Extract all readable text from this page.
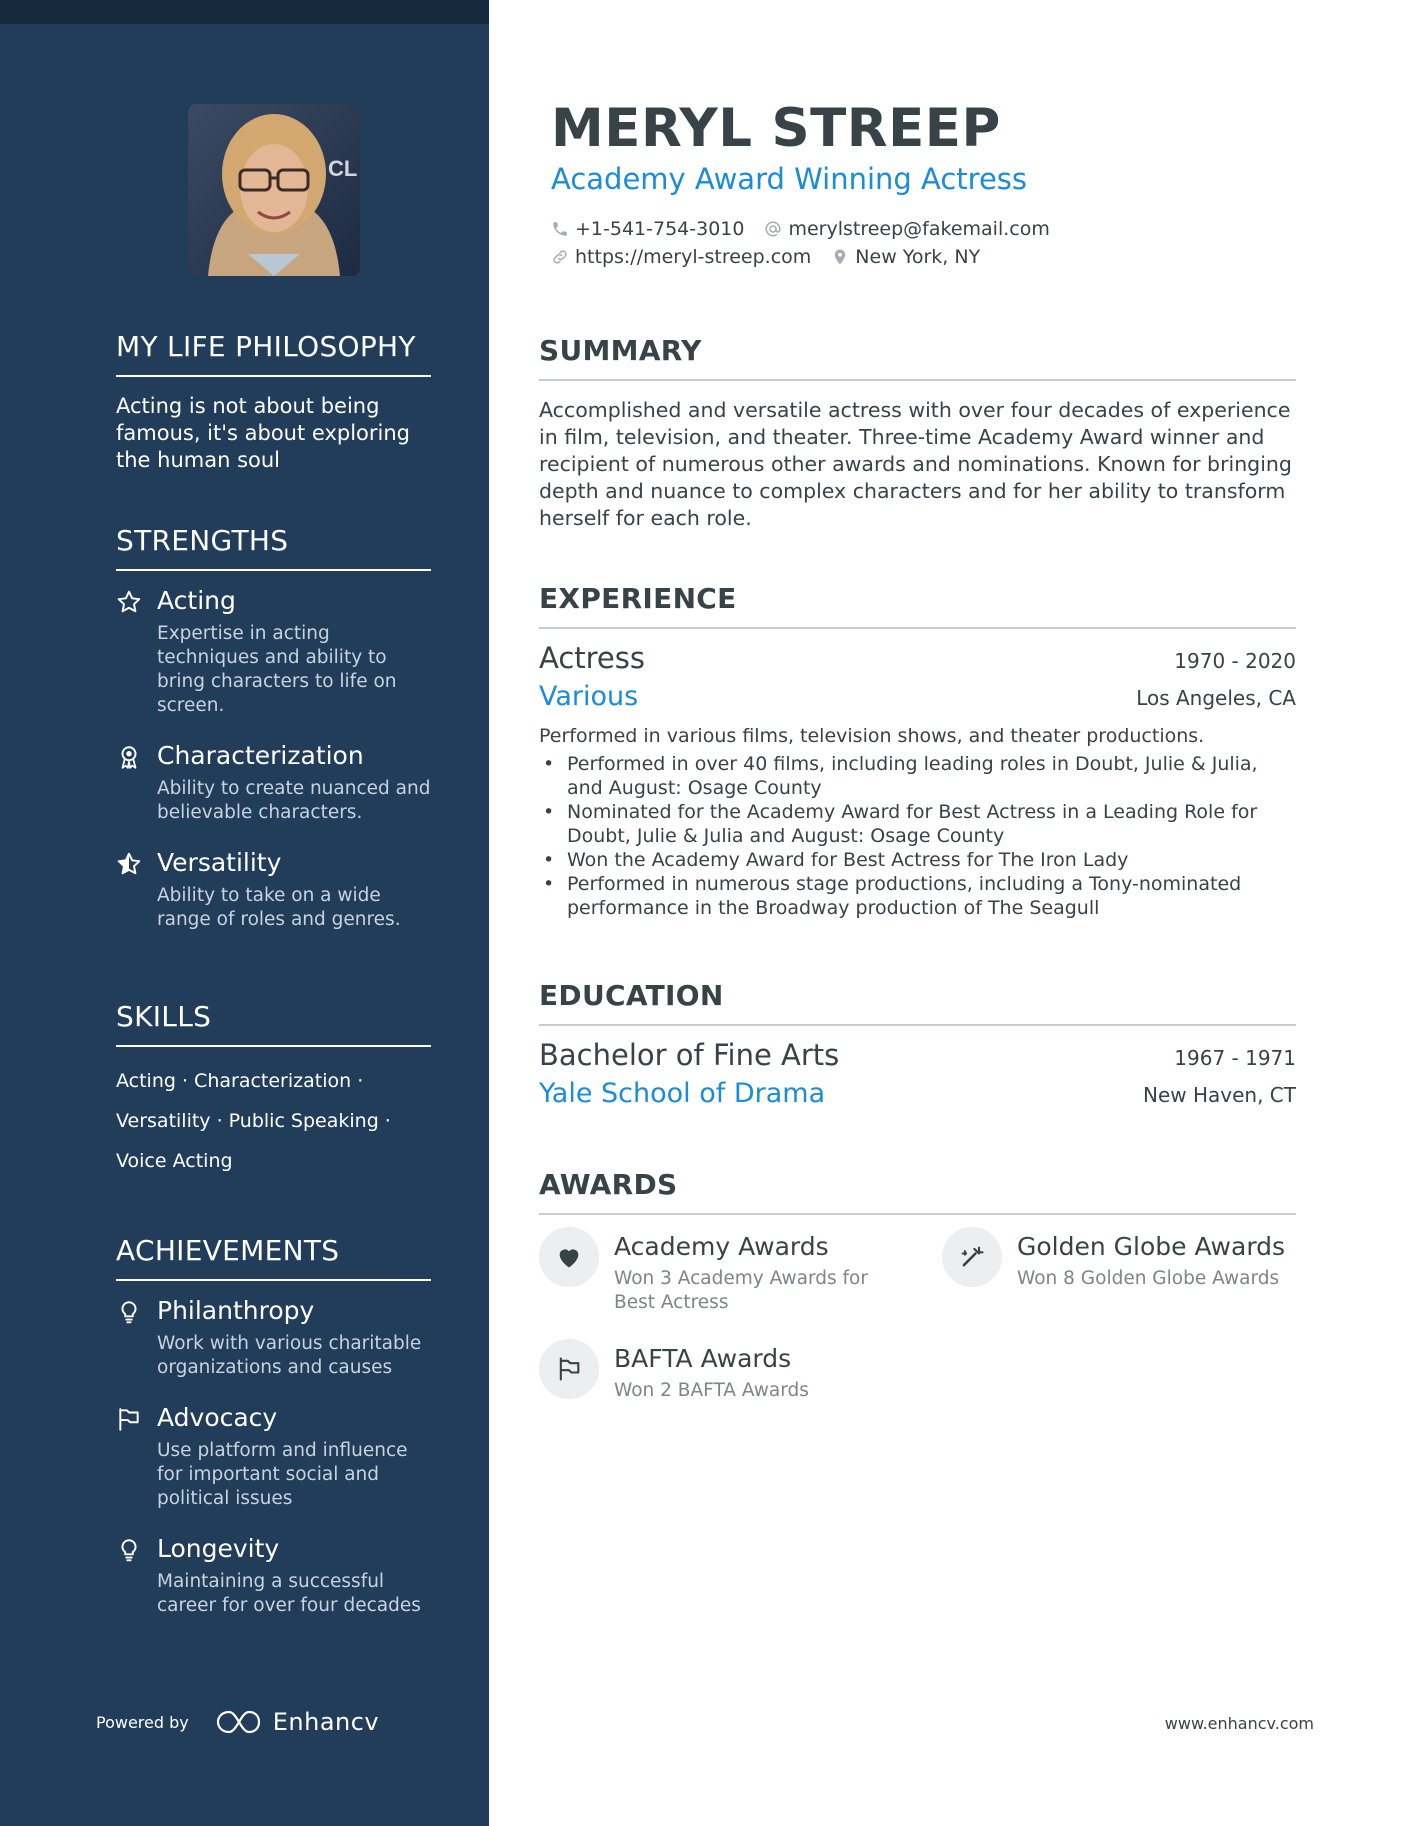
CL
MY LIFE PHILOSOPHY

Acting is not about being famous, it's about exploring the human soul

STRENGTHS
Acting
Expertise in acting techniques and ability to bring characters to life on screen.
Characterization
Ability to create nuanced and believable characters.
Versatility
Ability to take on a wide range of roles and genres.
SKILLS
Acting · Characterization ·
Versatility · Public Speaking ·
Voice Acting
ACHIEVEMENTS
Philanthropy
Work with various charitable organizations and causes
Advocacy
Use platform and influence for important social and political issues
Longevity
Maintaining a successful career for over four decades
Powered by	Enhancv
MERYL STREEP
Academy Award Winning Actress
+1-541-754-3010 merylstreep@fakemail.com
https://meryl-streep.com New York, NY
SUMMARY

Accomplished and versatile actress with over four decades of experience in film, television, and theater. Three-time Academy Award winner and recipient of numerous other awards and nominations. Known for bringing depth and nuance to complex characters and for her ability to transform herself for each role.

EXPERIENCE
Actress	1970 - 2020
Various	Los Angeles, CA

Performed in various films, television shows, and theater productions.

• Performed in over 40 films, including leading roles in Doubt, Julie & Julia, and August: Osage County
• Nominated for the Academy Award for Best Actress in a Leading Role for Doubt, Julie & Julia and August: Osage County
• Won the Academy Award for Best Actress for The Iron Lady
• Performed in numerous stage productions, including a Tony-nominated performance in the Broadway production of The Seagull
EDUCATION
Bachelor of Fine Arts	1967 - 1971
Yale School of Drama	New Haven, CT
AWARDS
Academy Awards
Won 3 Academy Awards for Best Actress
Golden Globe Awards
Won 8 Golden Globe Awards
BAFTA Awards
Won 2 BAFTA Awards
www.enhancv.com
